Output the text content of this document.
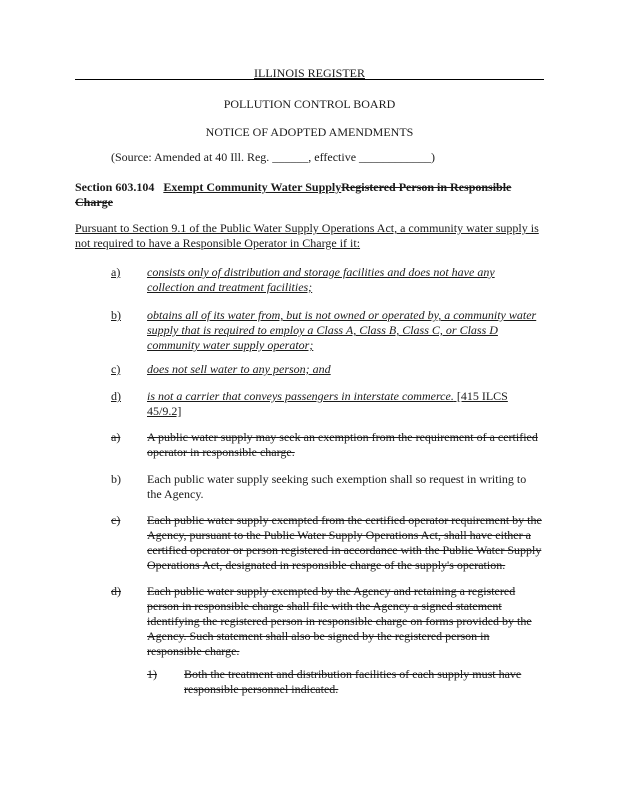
ILLINOIS REGISTER
POLLUTION CONTROL BOARD
NOTICE OF ADOPTED AMENDMENTS
(Source: Amended at 40 Ill. Reg. ______, effective ____________)
Section 603.104 Exempt Community Water SupplyRegistered Person in Responsible Charge
Pursuant to Section 9.1 of the Public Water Supply Operations Act, a community water supply is not required to have a Responsible Operator in Charge if it:
a) consists only of distribution and storage facilities and does not have any collection and treatment facilities;
b) obtains all of its water from, but is not owned or operated by, a community water supply that is required to employ a Class A, Class B, Class C, or Class D community water supply operator;
c) does not sell water to any person; and
d) is not a carrier that conveys passengers in interstate commerce. [415 ILCS 45/9.2]
a) A public water supply may seek an exemption from the requirement of a certified operator in responsible charge.
b) Each public water supply seeking such exemption shall so request in writing to the Agency.
c) Each public water supply exempted from the certified operator requirement by the Agency, pursuant to the Public Water Supply Operations Act, shall have either a certified operator or person registered in accordance with the Public Water Supply Operations Act, designated in responsible charge of the supply's operation.
d) Each public water supply exempted by the Agency and retaining a registered person in responsible charge shall file with the Agency a signed statement identifying the registered person in responsible charge on forms provided by the Agency. Such statement shall also be signed by the registered person in responsible charge.
1) Both the treatment and distribution facilities of each supply must have responsible personnel indicated.
